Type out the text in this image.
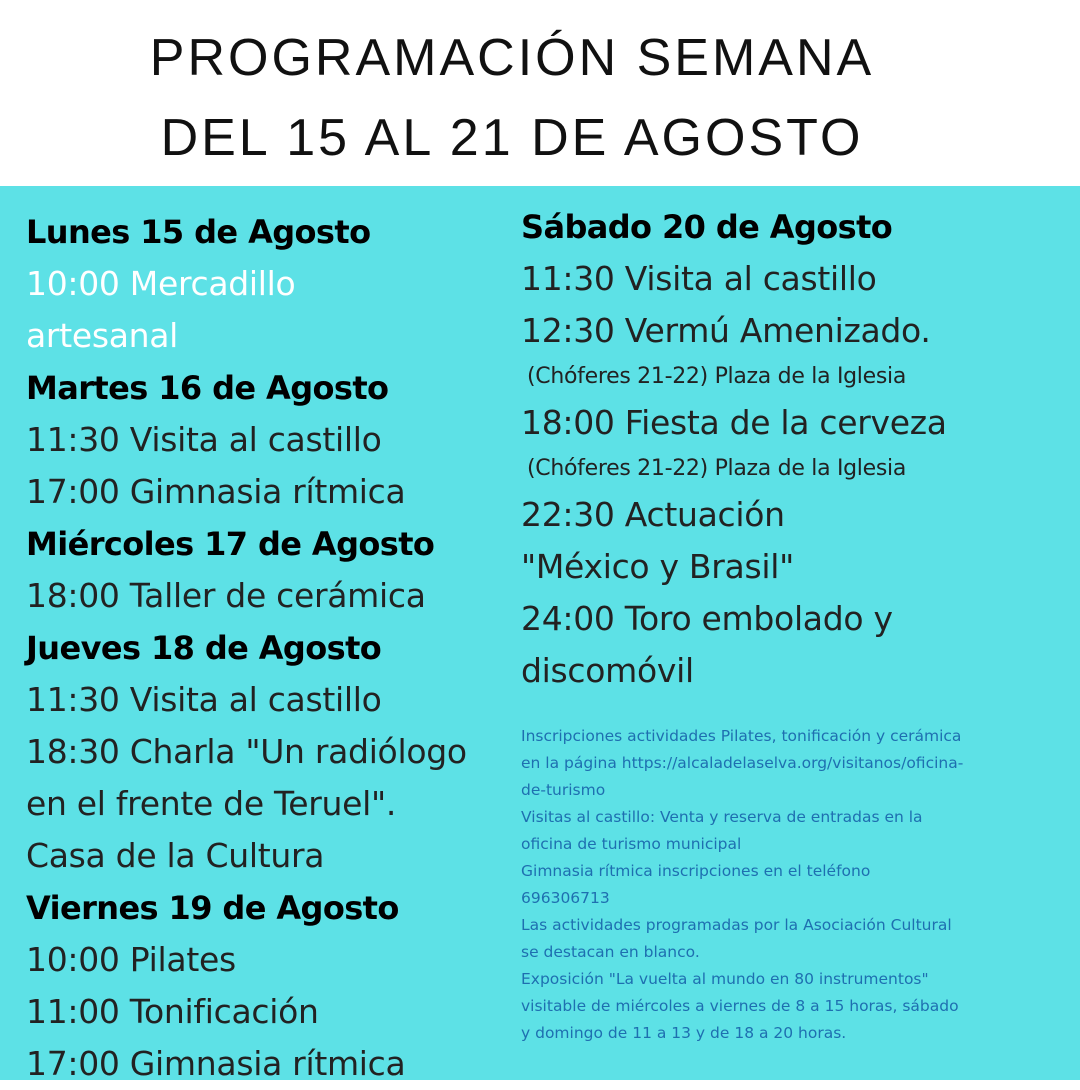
PROGRAMACIÓN SEMANA
DEL 15 AL 21 DE AGOSTO
Lunes 15 de Agosto
10:00 Mercadillo
artesanal
Martes 16 de Agosto
11:30 Visita al castillo
17:00 Gimnasia rítmica
Miércoles 17 de Agosto
18:00 Taller de cerámica
Jueves 18 de Agosto
11:30 Visita al castillo
18:30 Charla "Un radiólogo
en el frente de Teruel".
Casa de la Cultura
Viernes 19 de Agosto
10:00 Pilates
11:00 Tonificación
17:00 Gimnasia rítmica
Sábado 20 de Agosto
11:30 Visita al castillo
12:30 Vermú Amenizado.
(Chóferes 21-22) Plaza de la Iglesia
18:00 Fiesta de la cerveza
(Chóferes 21-22) Plaza de la Iglesia
22:30 Actuación
"México y Brasil"
24:00 Toro embolado y
discomóvil
Inscripciones actividades Pilates, tonificación y cerámica
en la página https://alcaladelaselva.org/visitanos/oficina-
de-turismo
Visitas al castillo: Venta y reserva de entradas en la
oficina de turismo municipal
Gimnasia rítmica inscripciones en el teléfono
696306713
Las actividades programadas por la Asociación Cultural
se destacan en blanco.
Exposición "La vuelta al mundo en 80 instrumentos"
visitable de miércoles a viernes de 8 a 15 horas, sábado
y domingo de 11 a 13 y de 18 a 20 horas.
